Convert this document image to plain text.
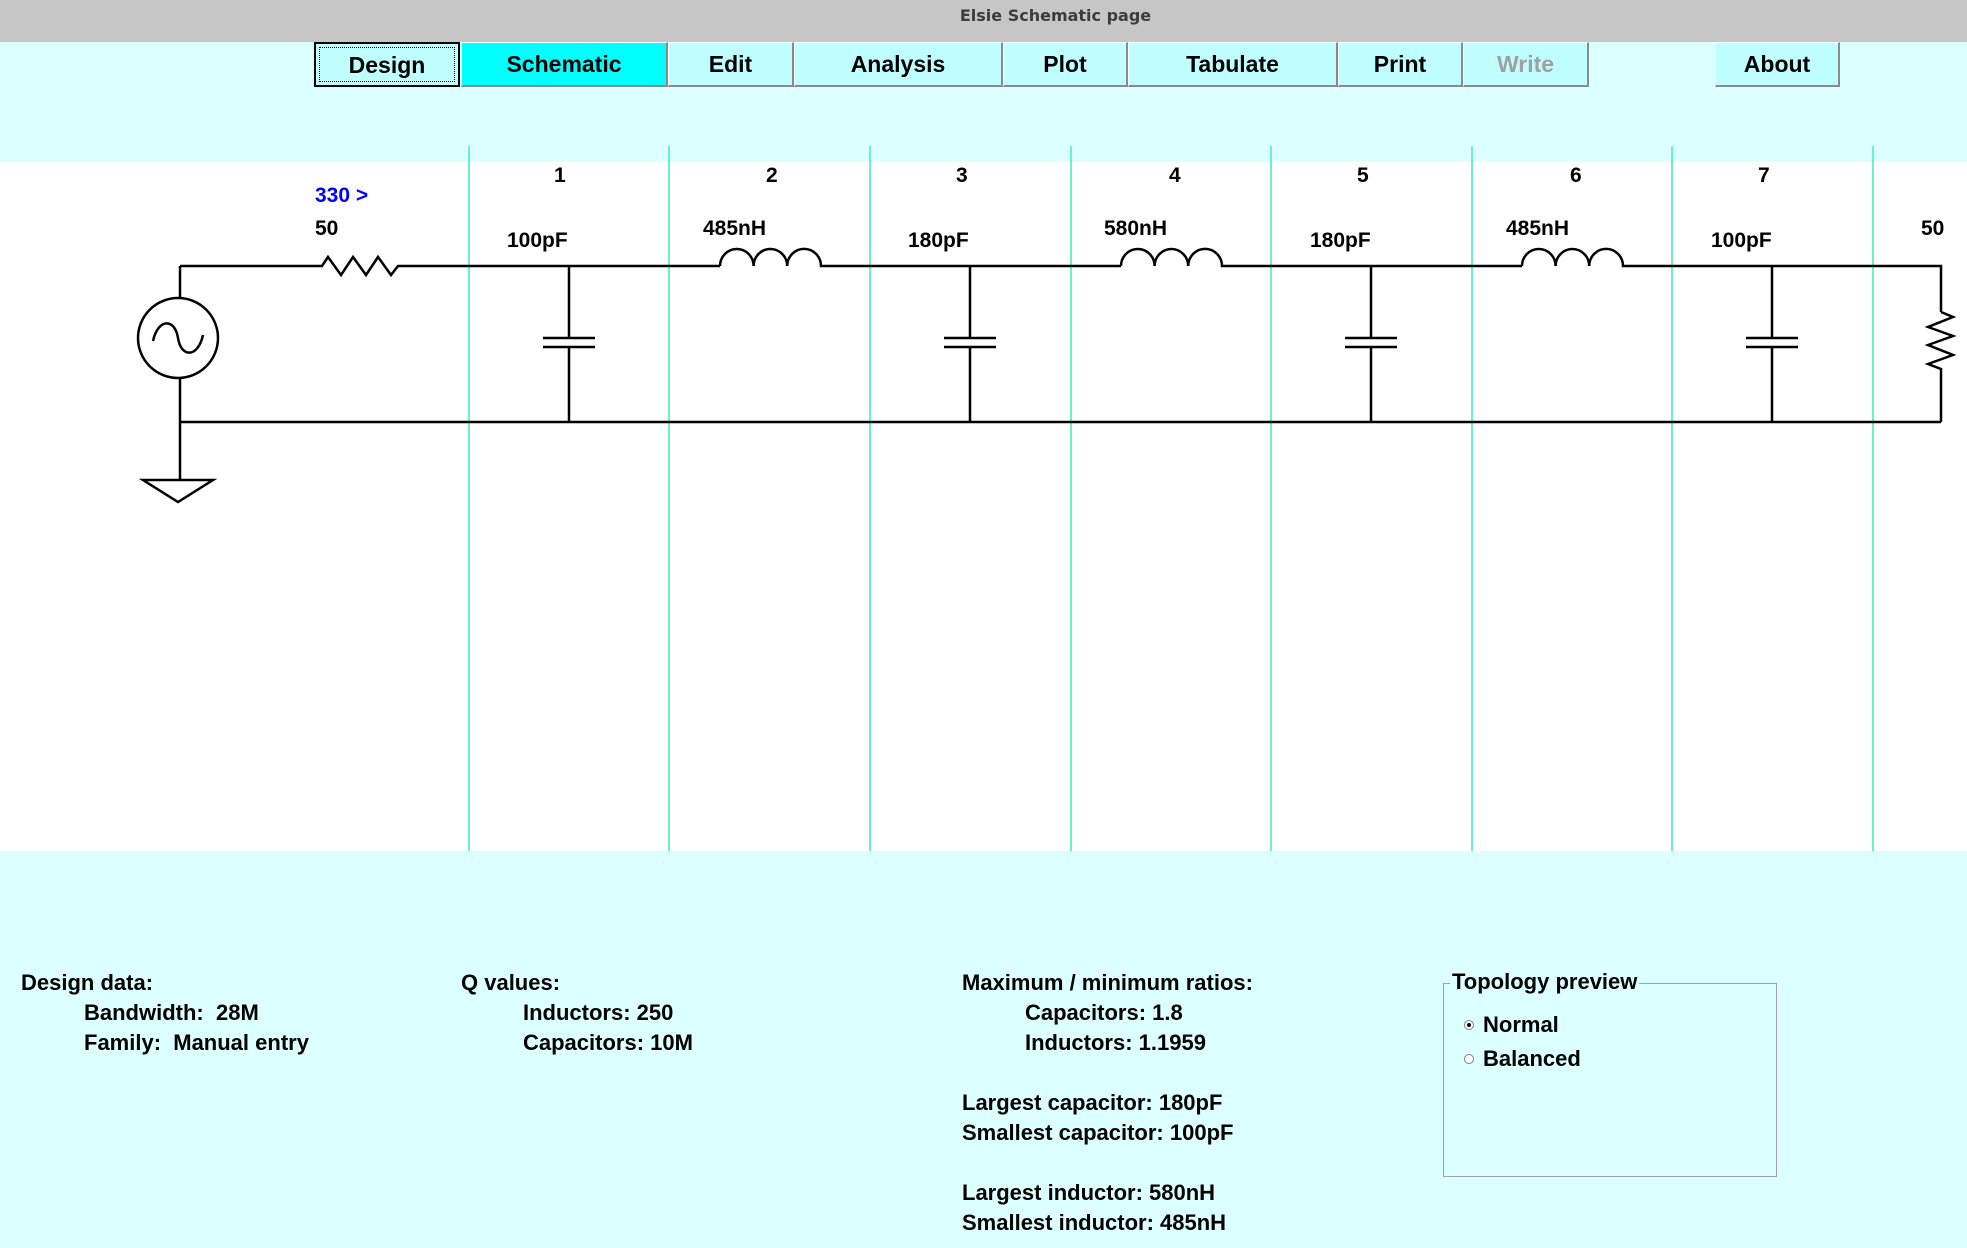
Elsie Schematic page
Design	Schematic	Edit	Analysis	Plot	Tabulate	Print	Write	About
330 >
50
1	2	3	4	5	6	7
100pF
485nH
180pF
580nH
180pF
485nH
100pF
50
Design data:
Bandwidth:  28M
Family:  Manual entry
Q values:
Inductors: 250
Capacitors: 10M
Maximum / minimum ratios:
Capacitors: 1.8
Inductors: 1.1959
Largest capacitor: 180pF
Smallest capacitor: 100pF
Largest inductor: 580nH
Smallest inductor: 485nH
Topology preview
Normal
Balanced
